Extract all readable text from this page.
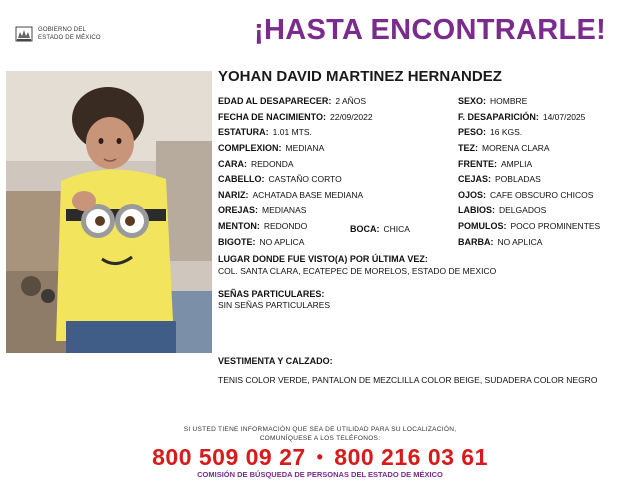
GOBIERNO DEL
ESTADO DE MÉXICO	¡HASTA ENCONTRARLE!
YOHAN DAVID MARTINEZ HERNANDEZ
EDAD AL DESAPARECER: 2 AÑOS
FECHA DE NACIMIENTO: 22/09/2022
ESTATURA: 1.01 MTS.
COMPLEXION: MEDIANA
CARA: REDONDA
CABELLO: CASTAÑO CORTO
NARIZ: ACHATADA BASE MEDIANA
OREJAS: MEDIANAS
MENTON: REDONDO	BOCA: CHICA
BIGOTE: NO APLICA
SEXO: HOMBRE
F. DESAPARICIÓN: 14/07/2025
PESO: 16 KGS.
TEZ: MORENA CLARA
FRENTE: AMPLIA
CEJAS: POBLADAS
OJOS: CAFE OBSCURO CHICOS
LABIOS: DELGADOS
POMULOS: POCO PROMINENTES
BARBA: NO APLICA
LUGAR DONDE FUE VISTO(A) POR ÚLTIMA VEZ:
COL. SANTA CLARA, ECATEPEC DE MORELOS, ESTADO DE MEXICO
SEÑAS PARTICULARES:
SIN SEÑAS PARTICULARES
VESTIMENTA Y CALZADO:
TENIS COLOR VERDE, PANTALON DE MEZCLILLA COLOR BEIGE, SUDADERA COLOR NEGRO
SI USTED TIENE INFORMACIÓN QUE SEA DE UTILIDAD PARA SU LOCALIZACIÓN,
COMUNÍQUESE A LOS TELÉFONOS:
800 509 09 27 • 800 216 03 61
COMISIÓN DE BÚSQUEDA DE PERSONAS DEL ESTADO DE MÉXICO
